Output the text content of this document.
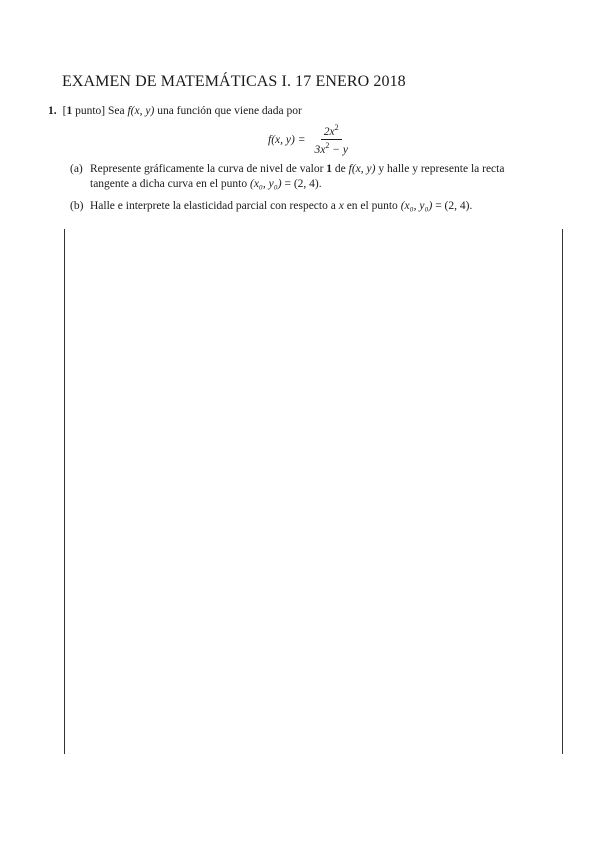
EXAMEN DE MATEMÁTICAS I. 17 ENERO 2018
1. [1 punto] Sea f(x, y) una función que viene dada por
f(x, $y) = \frac{2x^2}{3x^2 - y}$
(a) Represente gráficamente la curva de nivel de valor 1 de f(x, y) y halle y represente la recta
tangente a dicha curva en el punto (x₀, y₀) = (2, 4).
(b) Halle e interprete la elasticidad parcial con respecto a x en el punto (x₀, y₀) = (2, 4).
